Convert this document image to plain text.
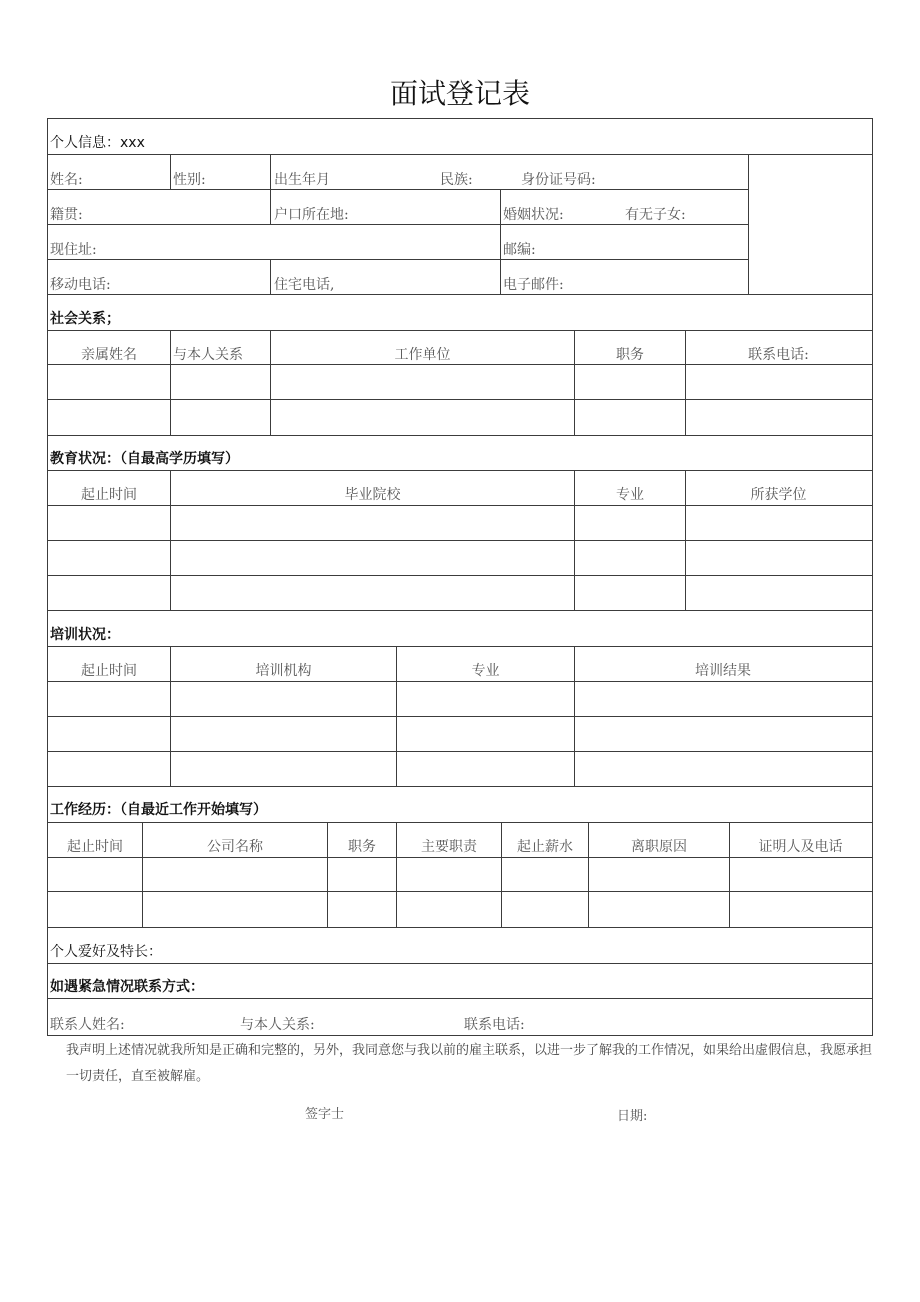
面试登记表
个人信息：xxx
姓名:	性别:	出生年月	民族:	身份证号码:
籍贯:	户口所在地:	婚姻状况:	有无子女:
现住址:	邮编:
移动电话:	住宅电话,	电子邮件:
社会关系；
亲属姓名	与本人关系	工作单位	职务	联系电话:
教育状况：（自最高学历填写）
起止时间	毕业院校	专业	所获学位
培训状况：
起止时间	培训机构	专业	培训结果
工作经历：（自最近工作开始填写）
起止时间	公司名称	职务	主要职责	起止薪水	离职原因	证明人及电话
个人爱好及特长：
如遇紧急情况联系方式：
联系人姓名:	与本人关系:	联系电话:
我声明上述情况就我所知是正确和完整的，另外，我同意您与我以前的雇主联系，以进一步了解我的工作情况，如果给出虚假信息，我愿承担一切责任，直至被解雇。
签字士	日期:
